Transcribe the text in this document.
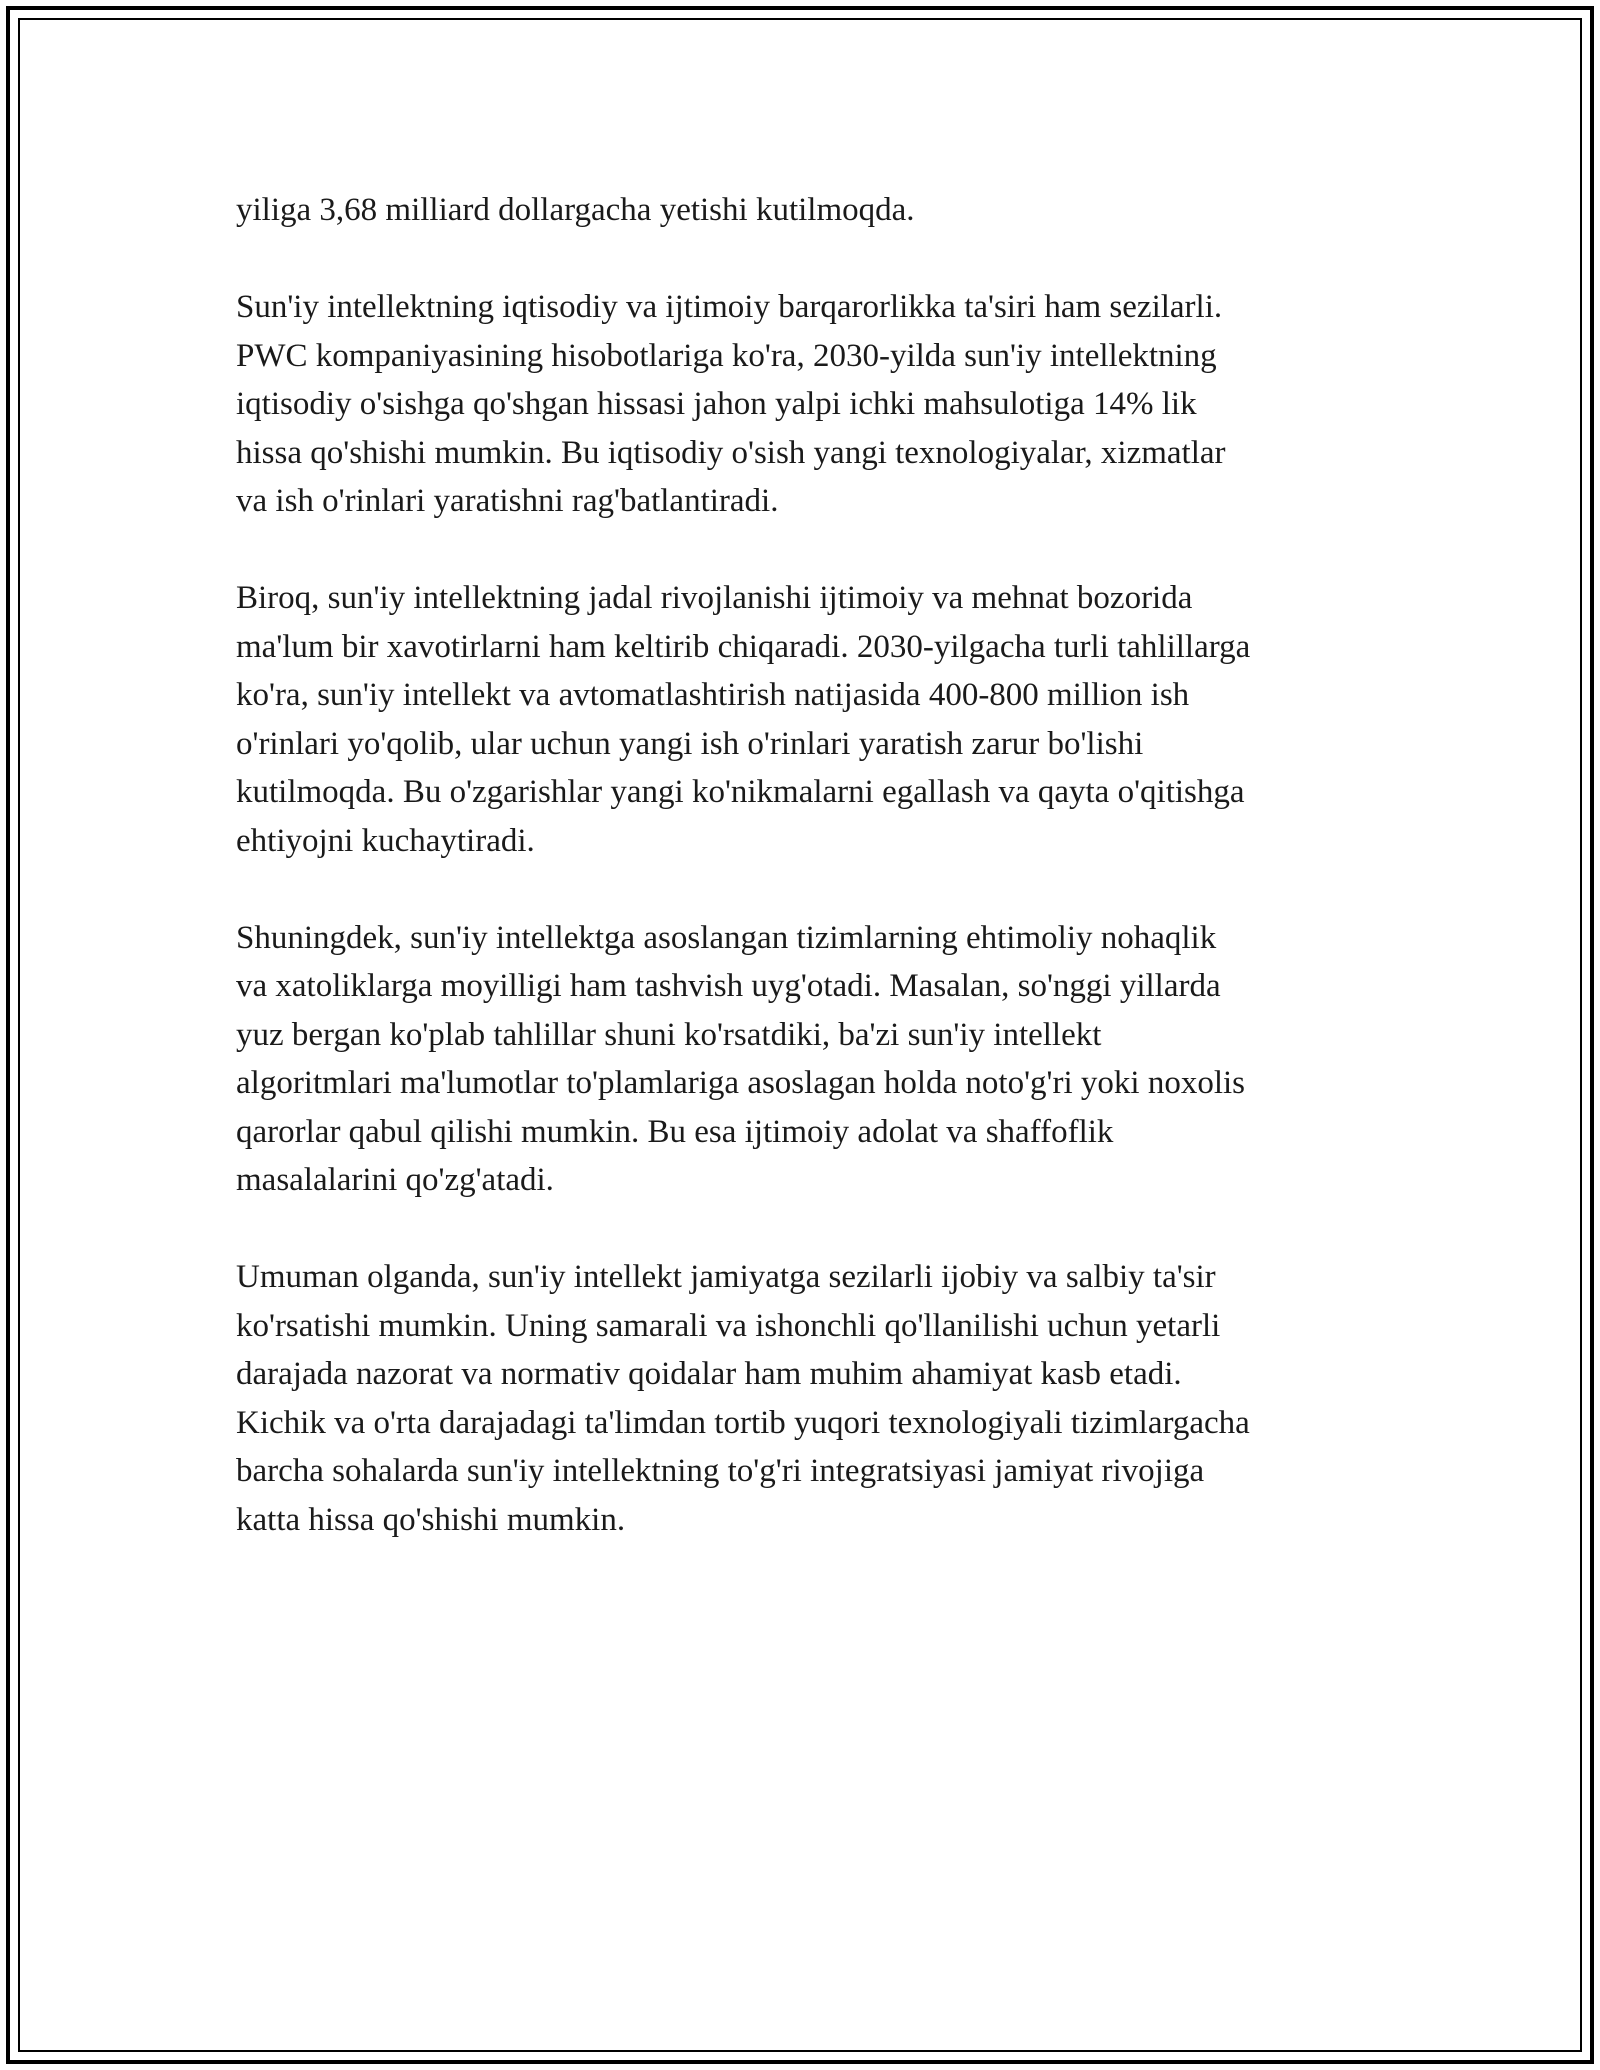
yiliga 3,68 milliard dollargacha yetishi kutilmoqda.
Sun'iy intellektning iqtisodiy va ijtimoiy barqarorlikka ta'siri ham sezilarli.
PWC kompaniyasining hisobotlariga ko'ra, 2030-yilda sun'iy intellektning
iqtisodiy o'sishga qo'shgan hissasi jahon yalpi ichki mahsulotiga 14% lik
hissa qo'shishi mumkin. Bu iqtisodiy o'sish yangi texnologiyalar, xizmatlar
va ish o'rinlari yaratishni rag'batlantiradi.
Biroq, sun'iy intellektning jadal rivojlanishi ijtimoiy va mehnat bozorida
ma'lum bir xavotirlarni ham keltirib chiqaradi. 2030-yilgacha turli tahlillarga
ko'ra, sun'iy intellekt va avtomatlashtirish natijasida 400-800 million ish
o'rinlari yo'qolib, ular uchun yangi ish o'rinlari yaratish zarur bo'lishi
kutilmoqda. Bu o'zgarishlar yangi ko'nikmalarni egallash va qayta o'qitishga
ehtiyojni kuchaytiradi.
Shuningdek, sun'iy intellektga asoslangan tizimlarning ehtimoliy nohaqlik
va xatoliklarga moyilligi ham tashvish uyg'otadi. Masalan, so'nggi yillarda
yuz bergan ko'plab tahlillar shuni ko'rsatdiki, ba'zi sun'iy intellekt
algoritmlari ma'lumotlar to'plamlariga asoslagan holda noto'g'ri yoki noxolis
qarorlar qabul qilishi mumkin. Bu esa ijtimoiy adolat va shaffoflik
masalalarini qo'zg'atadi.
Umuman olganda, sun'iy intellekt jamiyatga sezilarli ijobiy va salbiy ta'sir
ko'rsatishi mumkin. Uning samarali va ishonchli qo'llanilishi uchun yetarli
darajada nazorat va normativ qoidalar ham muhim ahamiyat kasb etadi.
Kichik va o'rta darajadagi ta'limdan tortib yuqori texnologiyali tizimlargacha
barcha sohalarda sun'iy intellektning to'g'ri integratsiyasi jamiyat rivojiga
katta hissa qo'shishi mumkin.
